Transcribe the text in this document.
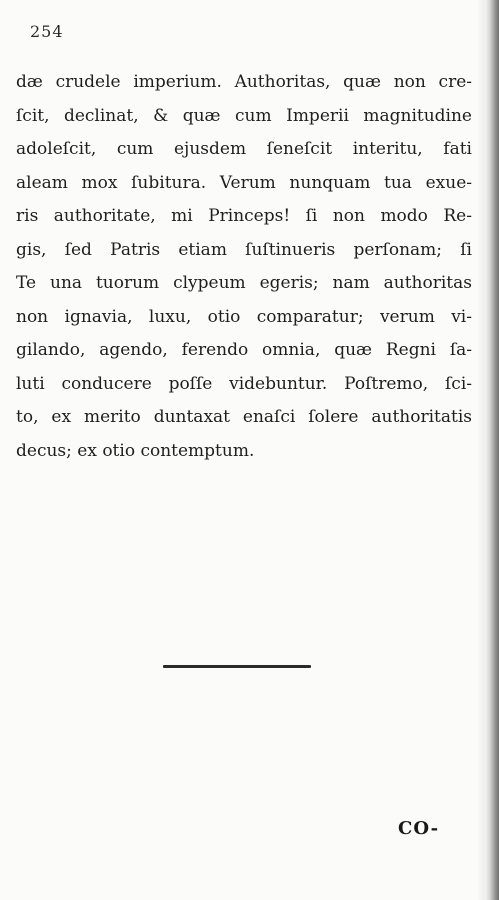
254
dæ crudele imperium. Authoritas, quæ non cre-
ſcit, declinat, & quæ cum Imperii magnitudine
adoleſcit, cum ejusdem ſeneſcit interitu, fati
aleam mox ſubitura. Verum nunquam tua exue-
ris authoritate, mi Princeps! ſi non modo Re-
gis, ſed Patris etiam ſuſtinueris perſonam; ſi
Te una tuorum clypeum egeris; nam authoritas
non ignavia, luxu, otio comparatur; verum vi-
gilando, agendo, ferendo omnia, quæ Regni ſa-
luti conducere poſſe videbuntur. Poſtremo, ſci-
to, ex merito duntaxat enaſci ſolere authoritatis
decus; ex otio contemptum.
CO-
